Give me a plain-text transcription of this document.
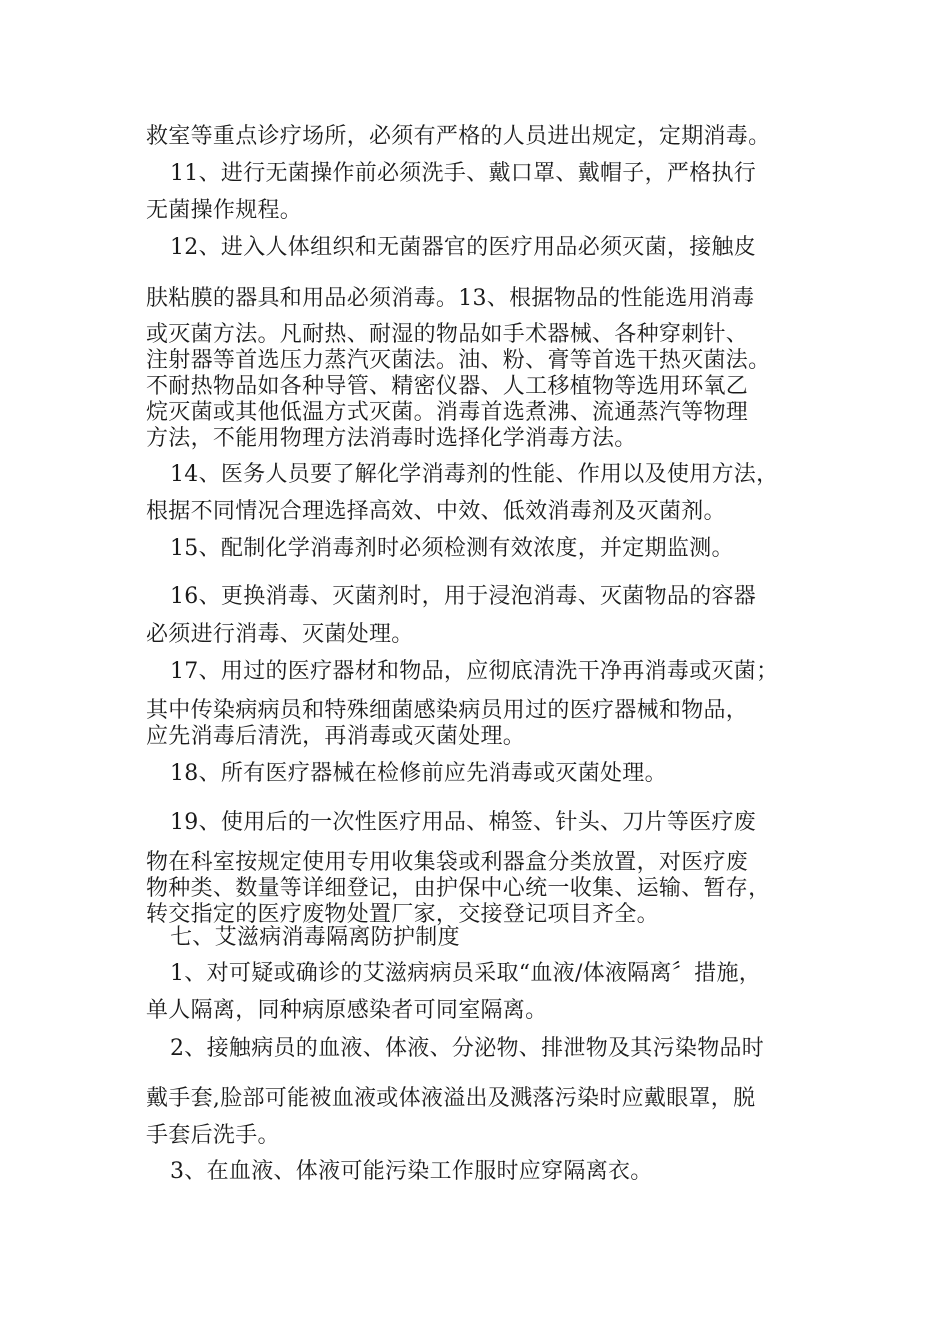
救室等重点诊疗场所，必须有严格的人员进出规定，定期消毒。

11、进行无菌操作前必须洗手、戴口罩、戴帽子，严格执行

无菌操作规程。

12、进入人体组织和无菌器官的医疗用品必须灭菌，接触皮

肤粘膜的器具和用品必须消毒。13、根据物品的性能选用消毒

或灭菌方法。凡耐热、耐湿的物品如手术器械、各种穿刺针、

注射器等首选压力蒸汽灭菌法。油、粉、膏等首选干热灭菌法。

不耐热物品如各种导管、精密仪器、人工移植物等选用环氧乙

烷灭菌或其他低温方式灭菌。消毒首选煮沸、流通蒸汽等物理

方法，不能用物理方法消毒时选择化学消毒方法。

14、医务人员要了解化学消毒剂的性能、作用以及使用方法，

根据不同情况合理选择高效、中效、低效消毒剂及灭菌剂。

15、配制化学消毒剂时必须检测有效浓度，并定期监测。

16、更换消毒、灭菌剂时，用于浸泡消毒、灭菌物品的容器

必须进行消毒、灭菌处理。

17、用过的医疗器材和物品，应彻底清洗干净再消毒或灭菌；

其中传染病病员和特殊细菌感染病员用过的医疗器械和物品，

应先消毒后清洗，再消毒或灭菌处理。

18、所有医疗器械在检修前应先消毒或灭菌处理。

19、使用后的一次性医疗用品、棉签、针头、刀片等医疗废

物在科室按规定使用专用收集袋或利器盒分类放置，对医疗废

物种类、数量等详细登记，由护保中心统一收集、运输、暂存，

转交指定的医疗废物处置厂家，交接登记项目齐全。

七、艾滋病消毒隔离防护制度

1、对可疑或确诊的艾滋病病员采取“血液/体液隔离〞措施，

单人隔离，同种病原感染者可同室隔离。

2、接触病员的血液、体液、分泌物、排泄物及其污染物品时

戴手套,脸部可能被血液或体液溢出及溅落污染时应戴眼罩，脱

手套后洗手。

3、在血液、体液可能污染工作服时应穿隔离衣。
